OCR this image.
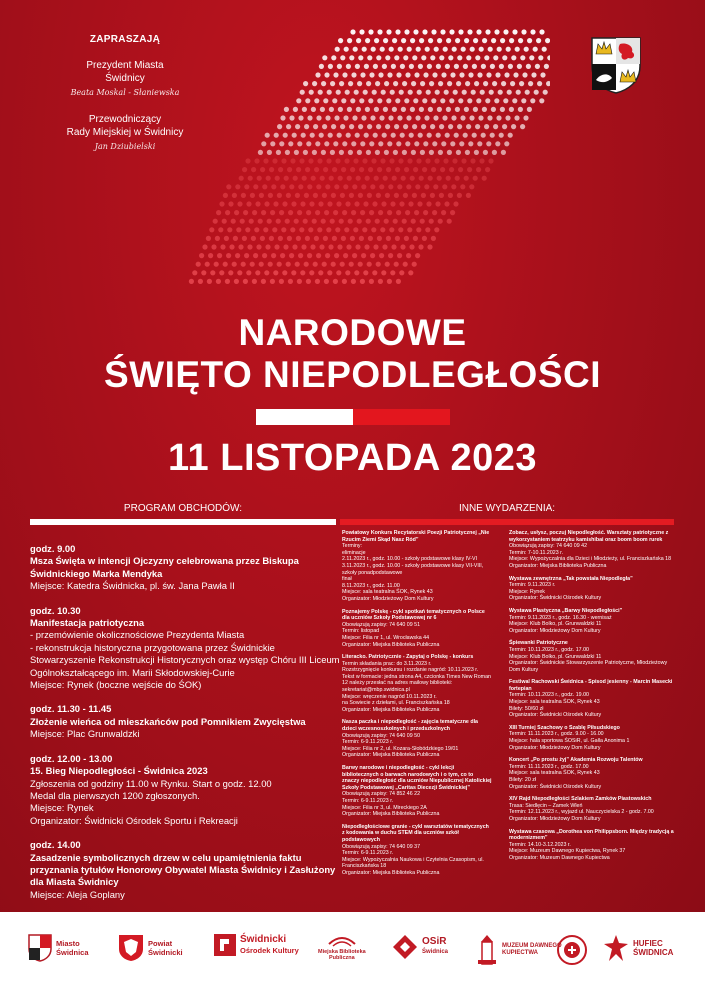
ZAPRASZAJĄ
Prezydent Miasta
Świdnicy
Beata Moskal - Słaniewska
Przewodniczący
Rady Miejskiej w Świdnicy
Jan Dziubielski
NARODOWE
ŚWIĘTO NIEPODLEGŁOŚCI
11 LISTOPADA 2023
PROGRAM OBCHODÓW:	INNE WYDARZENIA:
godz. 9.00
Msza Święta w intencji Ojczyzny celebrowana przez Biskupa Świdnickiego Marka Mendyka
Miejsce: Katedra Świdnicka, pl. św. Jana Pawła II
godz. 10.30
Manifestacja patriotyczna
- przemówienie okolicznościowe Prezydenta Miasta
- rekonstrukcja historyczna przygotowana przez Świdnickie Stowarzyszenie Rekonstrukcji Historycznych oraz występ Chóru III Liceum Ogólnokształcącego im. Marii Skłodowskiej-Curie
Miejsce: Rynek (boczne wejście do ŚOK)
godz. 11.30 - 11.45
Złożenie wieńca od mieszkańców pod Pomnikiem Zwycięstwa
Miejsce: Plac Grunwaldzki
godz. 12.00 - 13.00
15. Bieg Niepodległości - Świdnica 2023
Zgłoszenia od godziny 11.00 w Rynku. Start o godz. 12.00
Medal dla pierwszych 1200 zgłoszonych.
Miejsce: Rynek
Organizator: Świdnicki Ośrodek Sportu i Rekreacji
godz. 14.00
Zasadzenie symbolicznych drzew w celu upamiętnienia faktu przyznania tytułów Honorowy Obywatel Miasta Świdnicy i Zasłużony dla Miasta Świdnicy
Miejsce: Aleja Goplany
Powiatowy Konkurs Recytatorski Poezji Patriotycznej „Nie Rzucim Ziemi Skąd Nasz Ród”
Terminy:
eliminacje
2.11.2023 r., godz. 10.00 - szkoły podstawowe klasy IV-VI
3.11.2023 r., godz. 10.00 - szkoły podstawowe klasy VII-VIII, szkoły ponadpodstawowe
finał
8.11.2023 r., godz. 11.00
Miejsce: sala teatralna ŚOK, Rynek 43
Organizator: Młodzieżowy Dom Kultury
Poznajemy Polskę - cykl spotkań tematycznych o Polsce dla uczniów Szkoły Podstawowej nr 6
Obowiązują zapisy: 74 640 09 51
Termin: listopad
Miejsce: Filia nr 1, ul. Wrocławska 44
Organizator: Miejska Biblioteka Publiczna
Literacko. Patriotycznie - Zapytaj o Polskę - konkurs
Termin składania prac: do 3.11.2023 r.
Rozstrzygnięcie konkursu i rozdanie nagród: 10.11.2023 r.
Tekst w formacie: jedna strona A4, czcionka Times New Roman 12 należy przesłać na adres mailowy biblioteki: sekretariat@mbp.swidnica.pl
Miejsce: wręczenie nagród 10.11.2023 r.
na Sowiecie z dziełami, ul. Franciszkańska 18
Organizator: Miejska Biblioteka Publiczna
Nasza paczka i niepodległość - zajęcia tematyczne dla dzieci wczesnoszkolnych i przedszkolnych
Obowiązują zapisy: 74 640 09 50
Termin: 6-9.11.2023 r.
Miejsce: Filia nr 2, ul. Kozara-Słobódzkiego 19/01
Organizator: Miejska Biblioteka Publiczna
Barwy narodowe i niepodległość - cykl lekcji bibliotecznych o barwach narodowych i o tym, co to znaczy niepodległość dla uczniów Niepublicznej Katolickiej Szkoły Podstawowej „Caritas Diecezji Świdnickiej”
Obowiązują zapisy: 74 852 46 22
Termin: 6-9.11.2023 r.
Miejsce: Filia nr 3, ul. Mireckiego 2A
Organizator: Miejska Biblioteka Publiczna
Niepodległościowe granie - cykl warsztatów tematycznych z kodowania w duchu STEM dla uczniów szkół podstawowych
Obowiązują zapisy: 74 640 09 37
Termin: 6-9.11.2023 r.
Miejsce: Wypożyczalnia Naukowa i Czytelnia Czasopism, ul. Franciszkańska 18
Organizator: Miejska Biblioteka Publiczna
Zobacz, usłysz, poczuj Niepodległość. Warsztaty patriotyczne z wykorzystaniem teatrzyku kamishibai oraz boom boom rurek
Obowiązują zapisy: 74 640 09 42
Termin: 7-10.11.2023 r.
Miejsce: Wypożyczalnia dla Dzieci i Młodzieży, ul. Franciszkańska 18
Organizator: Miejska Biblioteka Publiczna
Wystawa zewnętrzna „Tak powstała Niepodległa”
Termin: 9.11.2023 r.
Miejsce: Rynek
Organizator: Świdnicki Ośrodek Kultury
Wystawa Plastyczna „Barwy Niepodległości”
Termin: 9.11.2023 r., godz. 16.30 - wernisaż
Miejsce: Klub Bolko, pl. Grunwaldzki 11
Organizator: Młodzieżowy Dom Kultury
Śpiewanki Patriotyczne
Termin: 10.11.2023 r., godz. 17.00
Miejsce: Klub Bolko, pl. Grunwaldzki 11
Organizator: Świdnickie Stowarzyszenie Patriotyczne, Młodzieżowy Dom Kultury
Festiwal Rachowski Świdnica - Spisod jesienny - Marcin Masecki fortepian
Termin: 10.11.2023 r., godz. 19.00
Miejsce: sala teatralna ŚOK, Rynek 43
Bilety: 50/60 zł
Organizator: Świdnicki Ośrodek Kultury
XIII Turniej Szachowy o Szablę Piłsudskiego
Termin: 11.11.2023 r., godz. 9.00 - 16.00
Miejsce: hala sportowa ŚOSiR, ul. Gałla Anonima 1
Organizator: Młodzieżowy Dom Kultury
Koncert „Po prostu żyj” Akademia Rozwoju Talentów
Termin: 11.11.2023 r., godz. 17.00
Miejsce: sala teatralna ŚOK, Rynek 43
Bilety: 20 zł
Organizator: Świdnicki Ośrodek Kultury
XIV Rajd Niepodległości Szlakiem Zamków Piastowskich
Trasa: Siedlęcin – Zamek Wleń
Termin: 12.11.2023 r., wyjazd ul. Nauczycielska 2 - godz. 7.00
Organizator: Młodzieżowy Dom Kultury
Wystawa czasowa „Dorothea von Philippsborn. Między tradycją a modernizmem”
Termin: 14.10-3.12.2023 r.
Miejsce: Muzeum Dawnego Kupiectwa, Rynek 37
Organizator: Muzeum Dawnego Kupiectwa
Miasto
Świdnica
Powiat
Świdnicki
Świdnicki
Ośrodek Kultury	Miejska Biblioteka
Publiczna
OSiR
Świdnica
MUZEUM DAWNEGO
KUPIECTWA
HUFIEC
ŚWIDNICA
